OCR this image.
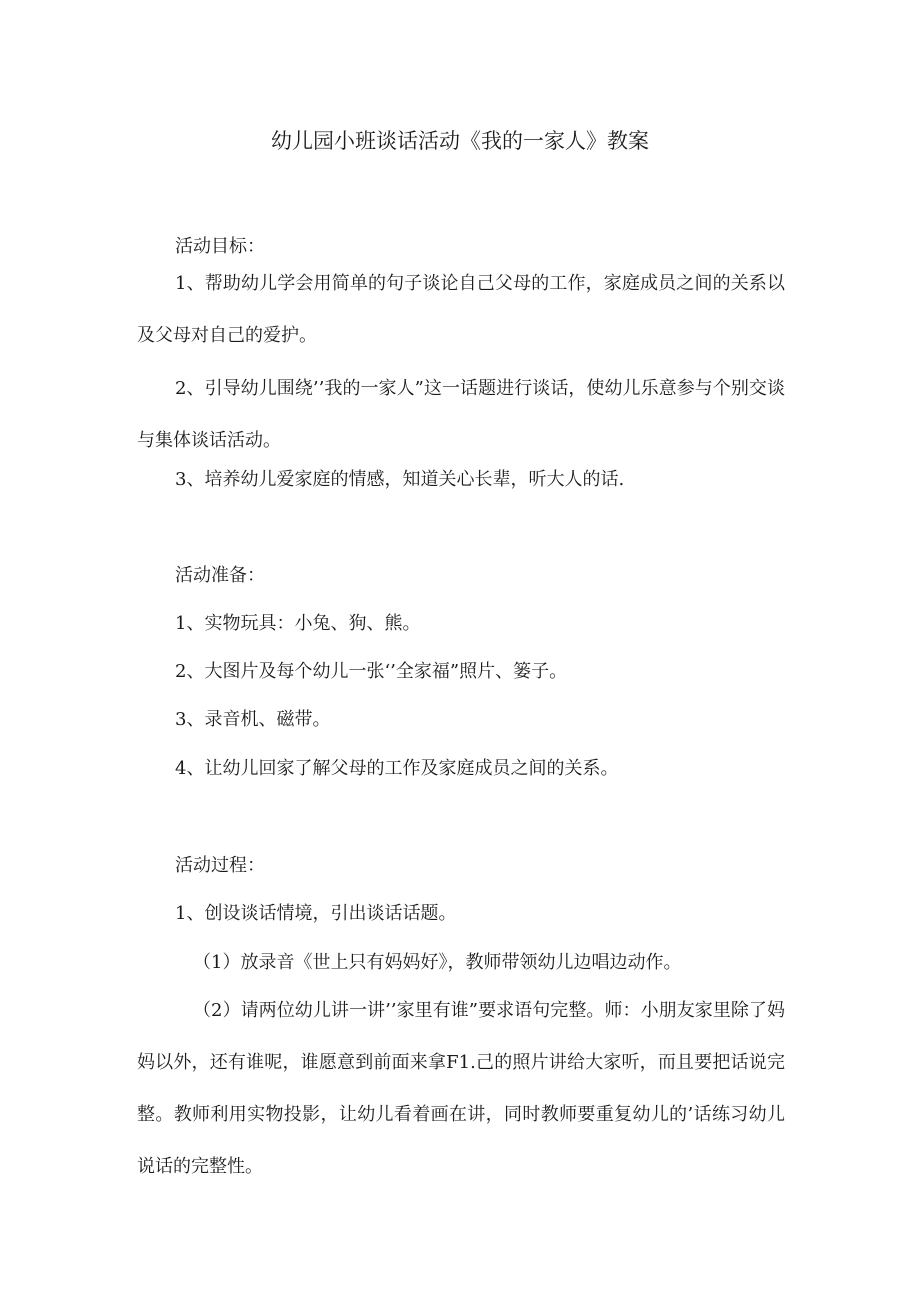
幼儿园小班谈话活动《我的一家人》教案

活动目标：

1、帮助幼儿学会用简单的句子谈论自己父母的工作，家庭成员之间的关系以及父母对自己的爱护。

2、引导幼儿围绕’’我的一家人”这一话题进行谈话，使幼儿乐意参与个别交谈与集体谈话活动。

3、培养幼儿爱家庭的情感，知道关心长辈，听大人的话.

活动准备：

1、实物玩具：小兔、狗、熊。

2、大图片及每个幼儿一张‘’全家福”照片、篓子。

3、录音机、磁带。

4、让幼儿回家了解父母的工作及家庭成员之间的关系。

活动过程：

1、创设谈话情境，引出谈话话题。

（1）放录音《世上只有妈妈好》，教师带领幼儿边唱边动作。

（2）请两位幼儿讲一讲’’家里有谁”要求语句完整。师：小朋友家里除了妈妈以外，还有谁呢，谁愿意到前面来拿F1.己的照片讲给大家听，而且要把话说完整。教师利用实物投影，让幼儿看着画在讲，同时教师要重复幼儿的’话练习幼儿说话的完整性。
